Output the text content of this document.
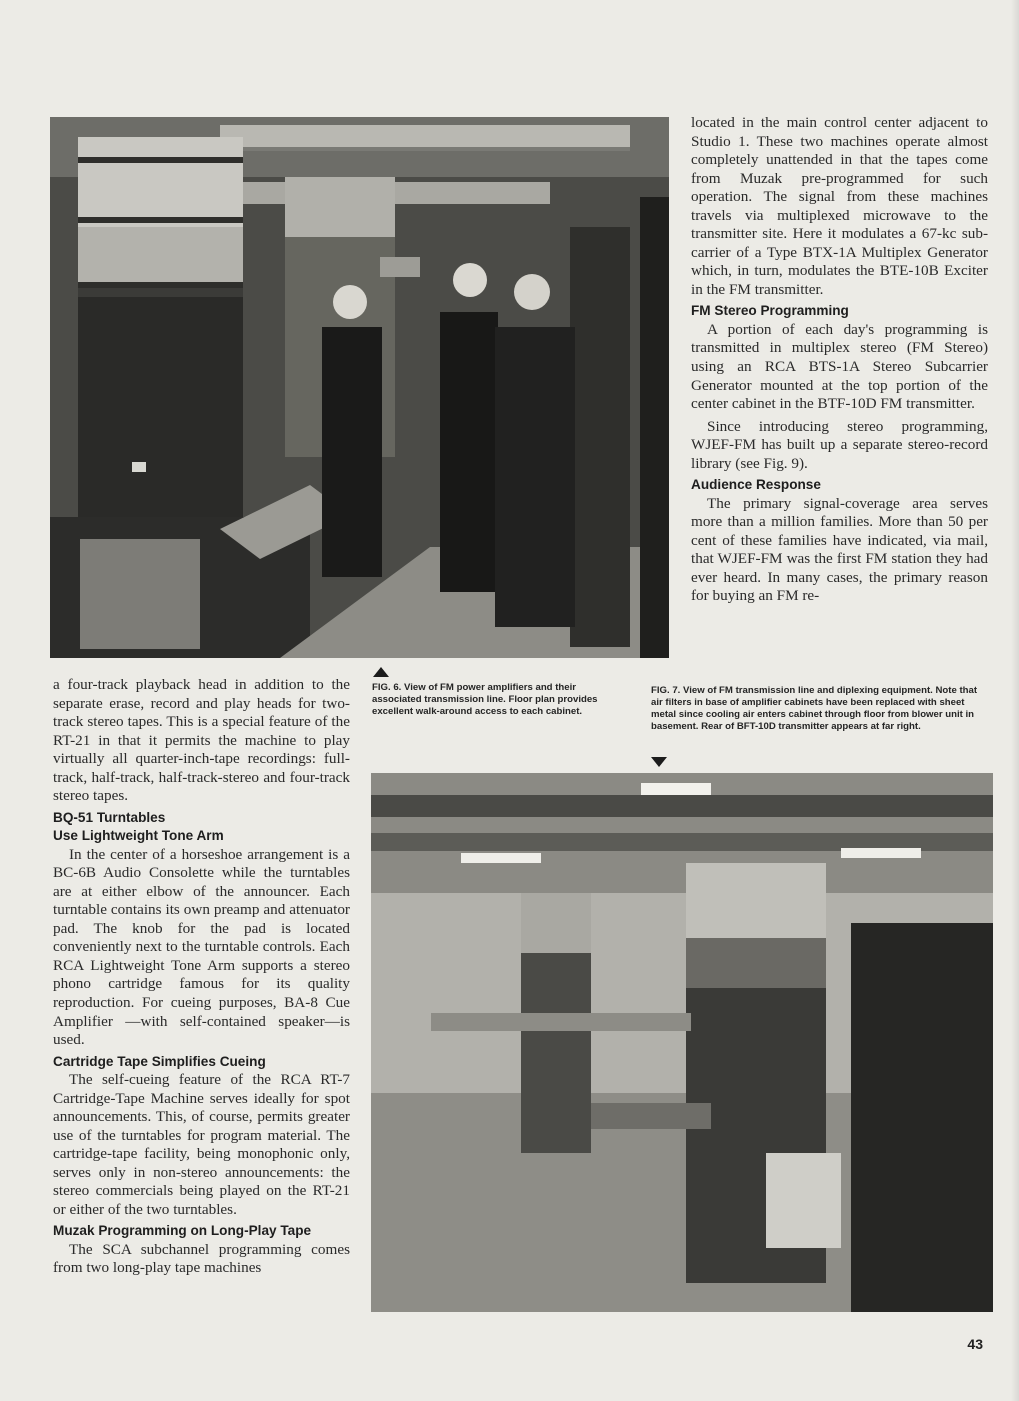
located in the main control center adjacent to Studio 1. These two machines operate almost completely unattended in that the tapes come from Muzak pre-programmed for such operation. The signal from these machines travels via multiplexed microwave to the transmitter site. Here it modulates a 67-kc sub-carrier of a Type BTX-1A Multiplex Generator which, in turn, modulates the BTE-10B Exciter in the FM transmitter.

FM Stereo Programming

A portion of each day's programming is transmitted in multiplex stereo (FM Stereo) using an RCA BTS-1A Stereo Subcarrier Generator mounted at the top portion of the center cabinet in the BTF-10D FM transmitter.

Since introducing stereo programming, WJEF-FM has built up a separate stereo-record library (see Fig. 9).

Audience Response

The primary signal-coverage area serves more than a million families. More than 50 per cent of these families have indicated, via mail, that WJEF-FM was the first FM station they had ever heard. In many cases, the primary reason for buying an FM re-

a four-track playback head in addition to the separate erase, record and play heads for two-track stereo tapes. This is a special feature of the RT-21 in that it permits the machine to play virtually all quarter-inch-tape recordings: full-track, half-track, half-track-stereo and four-track stereo tapes.

BQ-51 Turntables
Use Lightweight Tone Arm

In the center of a horseshoe arrangement is a BC-6B Audio Consolette while the turntables are at either elbow of the announcer. Each turntable contains its own preamp and attenuator pad. The knob for the pad is located conveniently next to the turntable controls. Each RCA Lightweight Tone Arm supports a stereo phono cartridge famous for its quality reproduction. For cueing purposes, BA-8 Cue Amplifier —with self-contained speaker—is used.

Cartridge Tape Simplifies Cueing

The self-cueing feature of the RCA RT-7 Cartridge-Tape Machine serves ideally for spot announcements. This, of course, permits greater use of the turntables for program material. The cartridge-tape facility, being monophonic only, serves only in non-stereo announcements: the stereo commercials being played on the RT-21 or either of the two turntables.

Muzak Programming on Long-Play Tape

The SCA subchannel programming comes from two long-play tape machines

FIG. 6. View of FM power amplifiers and their associated transmission line. Floor plan provides excellent walk-around access to each cabinet.
FIG. 7. View of FM transmission line and diplexing equipment. Note that air filters in base of amplifier cabinets have been replaced with sheet metal since cooling air enters cabinet through floor from blower unit in basement. Rear of BFT-10D transmitter appears at far right.
43
